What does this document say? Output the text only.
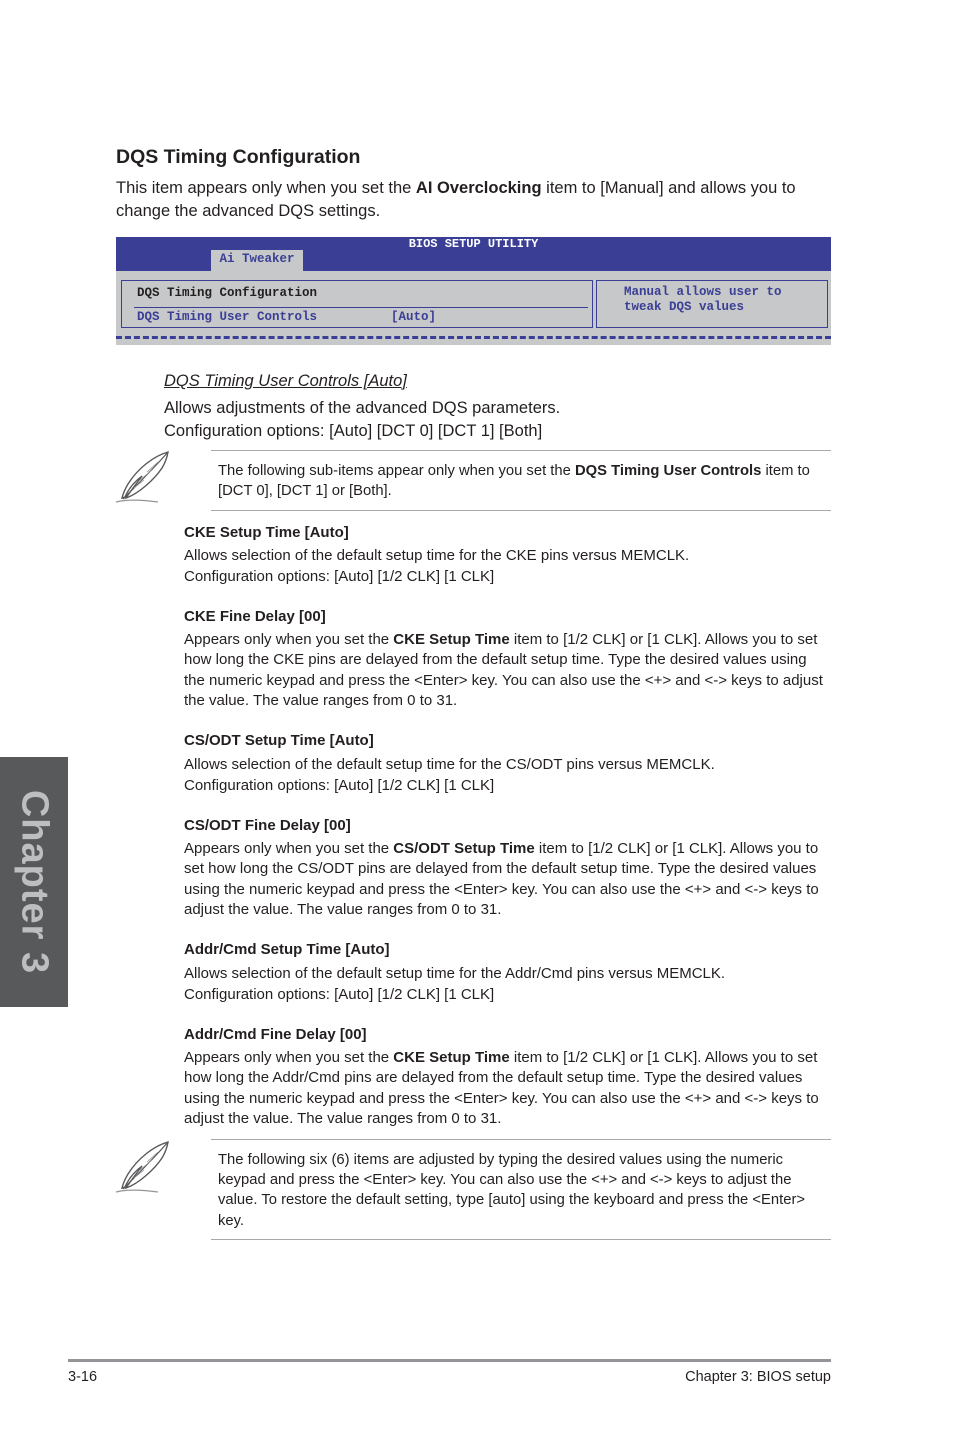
Chapter 3
DQS Timing Configuration
This item appears only when you set the AI Overclocking item to [Manual] and allows you to
change the advanced DQS settings.
BIOS SETUP UTILITY
Ai Tweaker
DQS Timing Configuration
DQS Timing User Controls	[Auto]
Manual allows user to
tweak DQS values
DQS Timing User Controls [Auto]
Allows adjustments of the advanced DQS parameters.
Configuration options: [Auto] [DCT 0] [DCT 1] [Both]
The following sub-items appear only when you set the DQS Timing User Controls item to
[DCT 0], [DCT 1] or [Both].
CKE Setup Time [Auto]
Allows selection of the default setup time for the CKE pins versus MEMCLK.
Configuration options: [Auto] [1/2 CLK] [1 CLK]
CKE Fine Delay [00]
Appears only when you set the CKE Setup Time item to [1/2 CLK] or [1 CLK]. Allows you to set
how long the CKE pins are delayed from the default setup time. Type the desired values using
the numeric keypad and press the <Enter> key. You can also use the <+> and <-> keys to adjust
the value. The value ranges from 0 to 31.
CS/ODT Setup Time [Auto]
Allows selection of the default setup time for the CS/ODT pins versus MEMCLK.
Configuration options: [Auto] [1/2 CLK] [1 CLK]
CS/ODT Fine Delay [00]
Appears only when you set the CS/ODT Setup Time item to [1/2 CLK] or [1 CLK]. Allows you to
set how long the CS/ODT pins are delayed from the default setup time. Type the desired values
using the numeric keypad and press the <Enter> key. You can also use the <+> and <-> keys to
adjust the value. The value ranges from 0 to 31.
Addr/Cmd Setup Time [Auto]
Allows selection of the default setup time for the Addr/Cmd pins versus MEMCLK.
Configuration options: [Auto] [1/2 CLK] [1 CLK]
Addr/Cmd Fine Delay [00]
Appears only when you set the CKE Setup Time item to [1/2 CLK] or [1 CLK]. Allows you to set
how long the Addr/Cmd pins are delayed from the default setup time. Type the desired values
using the numeric keypad and press the <Enter> key. You can also use the <+> and <-> keys to
adjust the value. The value ranges from 0 to 31.
The following six (6) items are adjusted by typing the desired values using the numeric
keypad and press the <Enter> key. You can also use the <+> and <-> keys to adjust the
value. To restore the default setting, type [auto] using the keyboard and press the <Enter>
key.
3-16	Chapter 3: BIOS setup
